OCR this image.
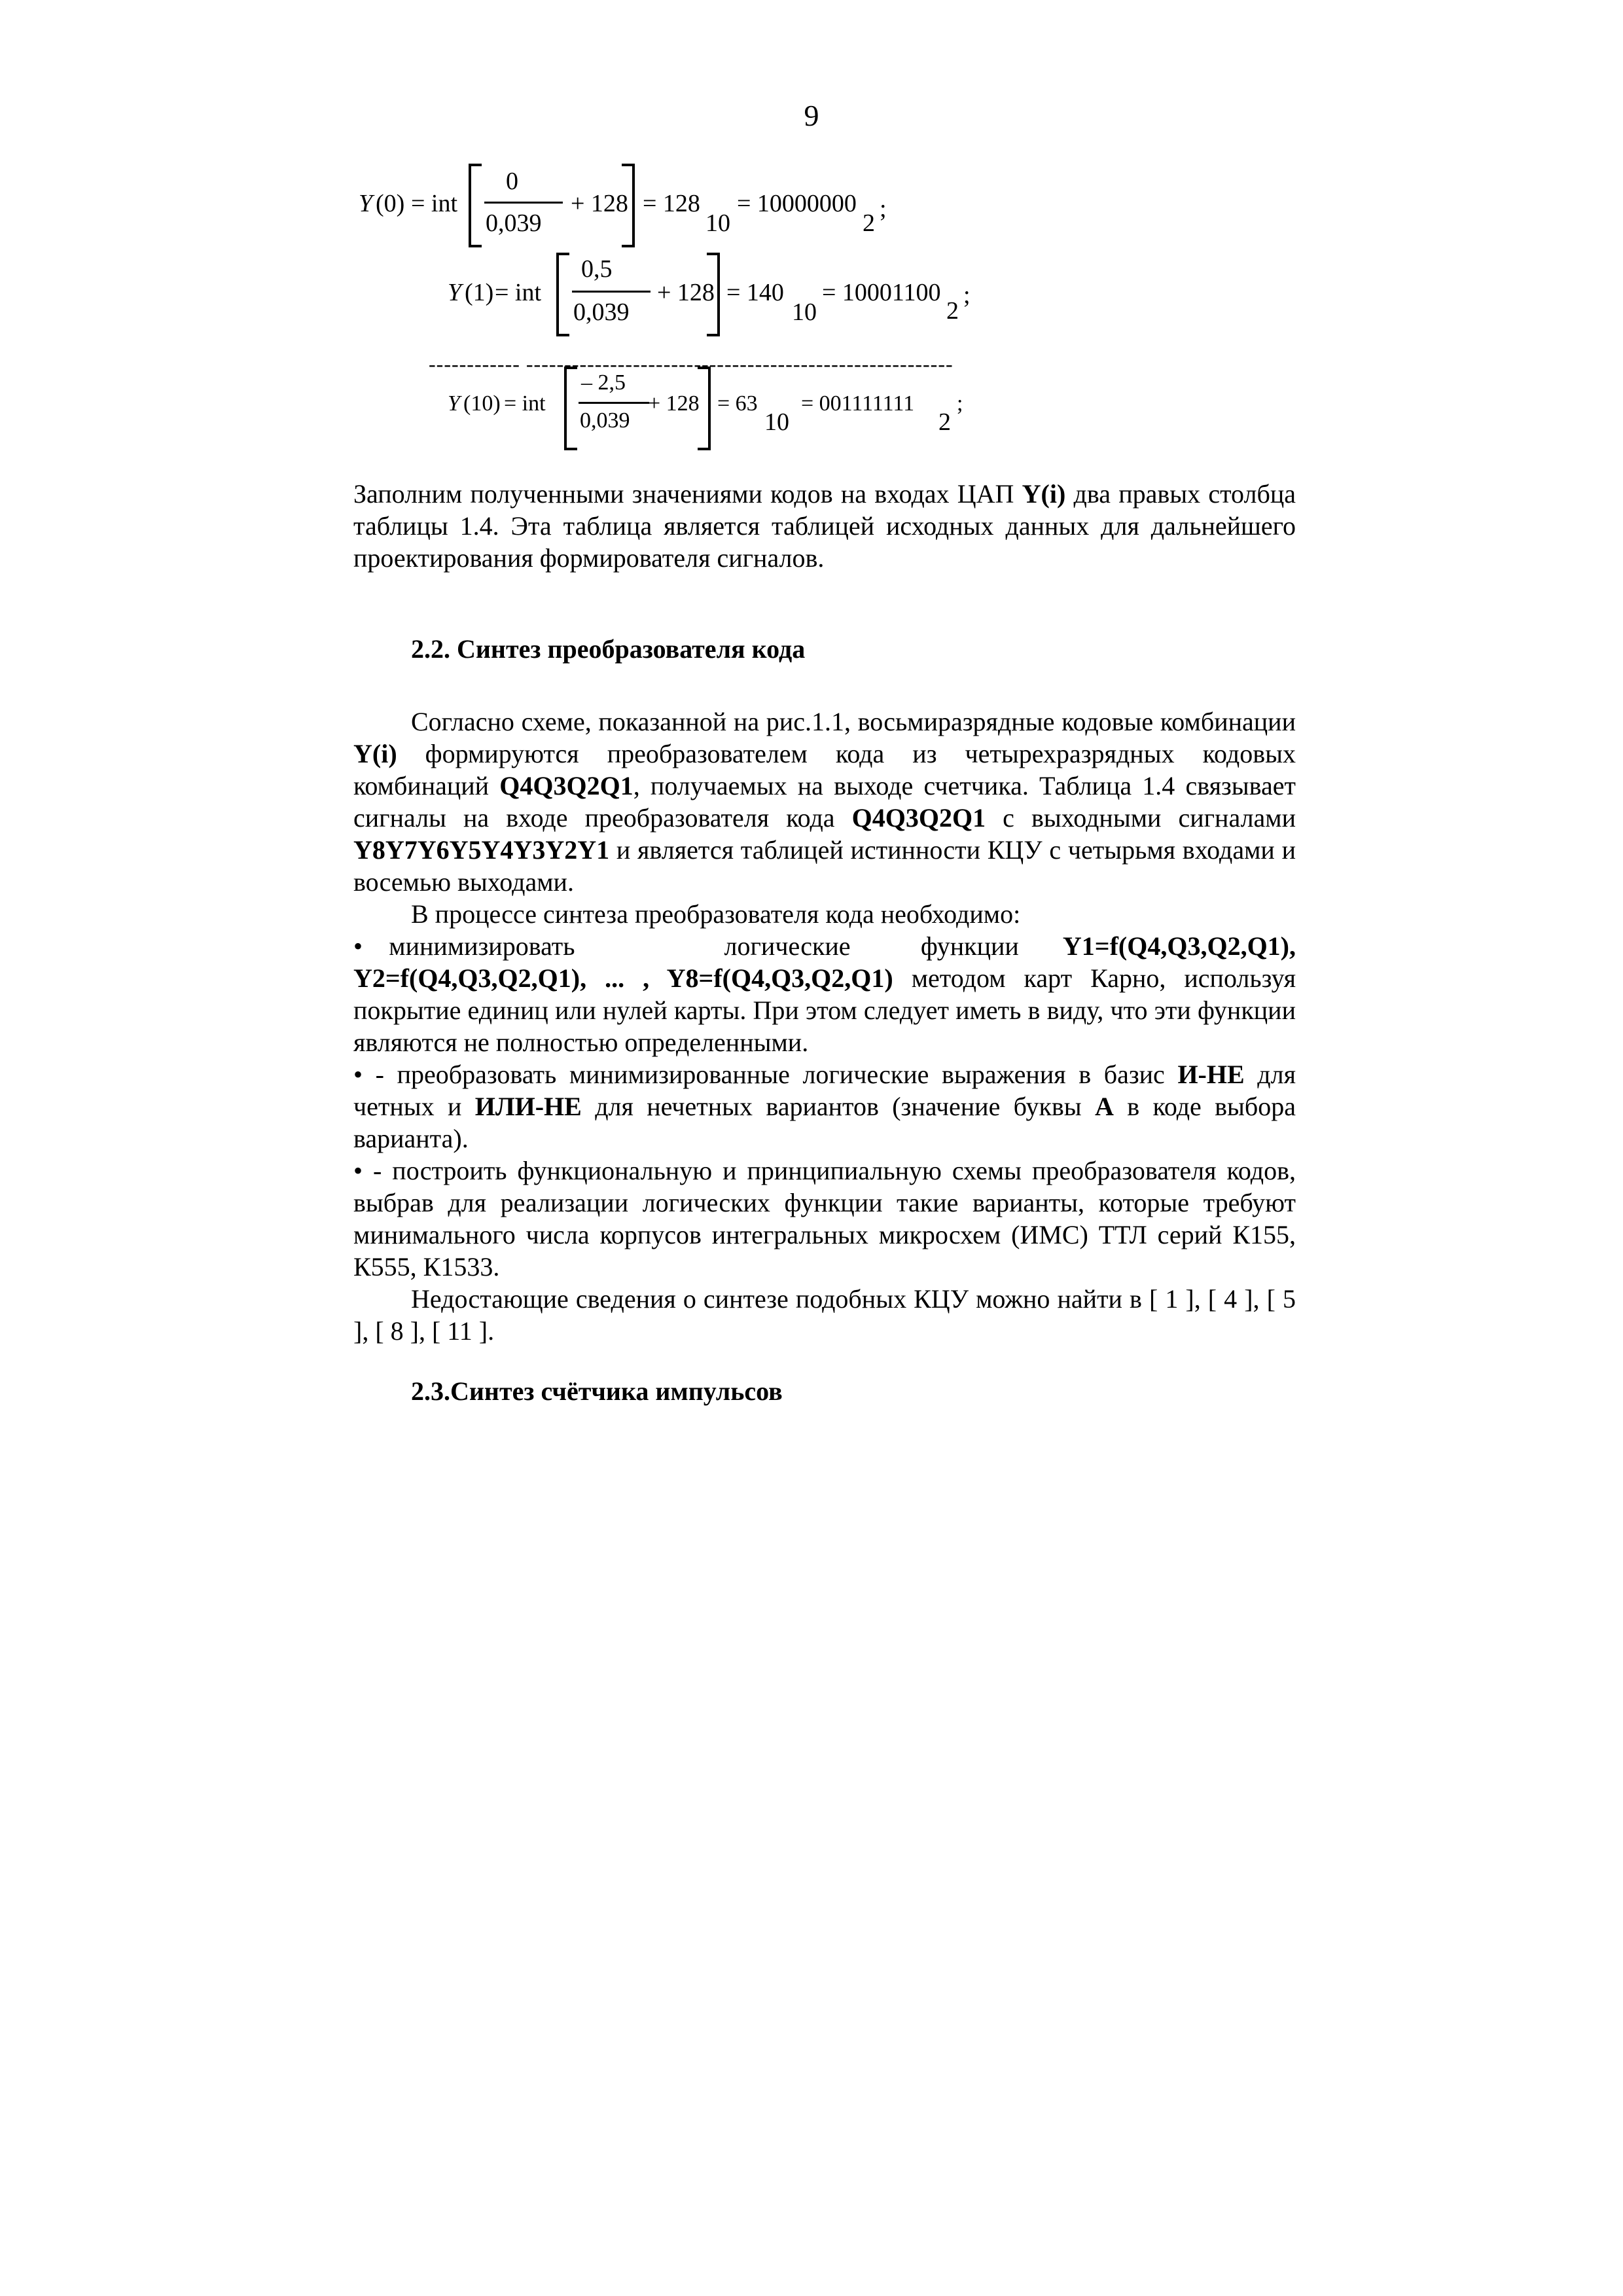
9
Y (0) = int
0
0,039
+ 128 = 128
10
= 10000000
2
;
Y (1) = int
0,5
0,039
+ 128 = 140
10
= 10001100
2
;
------------ --------------------------------------------------------
Y (10) = int
– 2,5
0,039
+ 128 = 63
10
= 001111111
2
;
Заполним полученными значениями кодов на входах ЦАП Y(i) два правых столбца таблицы 1.4. Эта таблица является таблицей исходных данных для дальнейшего проектирования формирователя сигналов.
2.2. Синтез преобразователя кода
Согласно схеме, показанной на рис.1.1, восьмиразрядные кодовые комбинации Y(i) формируются преобразователем кода из четырехразрядных кодовых комбинаций Q4Q3Q2Q1, получаемых на выходе счетчика. Таблица 1.4 связывает сигналы на входе преобразователя кода Q4Q3Q2Q1 с выходными сигналами Y8Y7Y6Y5Y4Y3Y2Y1 и является таблицей истинности КЦУ с четырьмя входами и восемью выходами.
В процессе синтеза преобразователя кода необходимо:
•   минимизировать                 логические        функции     Y1=f(Q4,Q3,Q2,Q1), Y2=f(Q4,Q3,Q2,Q1), ... , Y8=f(Q4,Q3,Q2,Q1) методом карт Карно, используя покрытие единиц или нулей карты. При этом следует иметь в виду, что эти функции являются не полностью определенными.
• - преобразовать минимизированные логические выражения в базис И-НЕ для четных и ИЛИ-НЕ для нечетных вариантов (значение буквы А в коде выбора варианта).
• - построить функциональную и принципиальную схемы преобразователя кодов, выбрав для реализации логических функции такие варианты, которые требуют минимального числа корпусов интегральных микросхем (ИМС) ТТЛ серий К155, К555, К1533.
Недостающие сведения о синтезе подобных КЦУ можно найти в [ 1 ], [ 4 ], [ 5 ], [ 8 ], [ 11 ].
2.3.Синтез счётчика импульсов
